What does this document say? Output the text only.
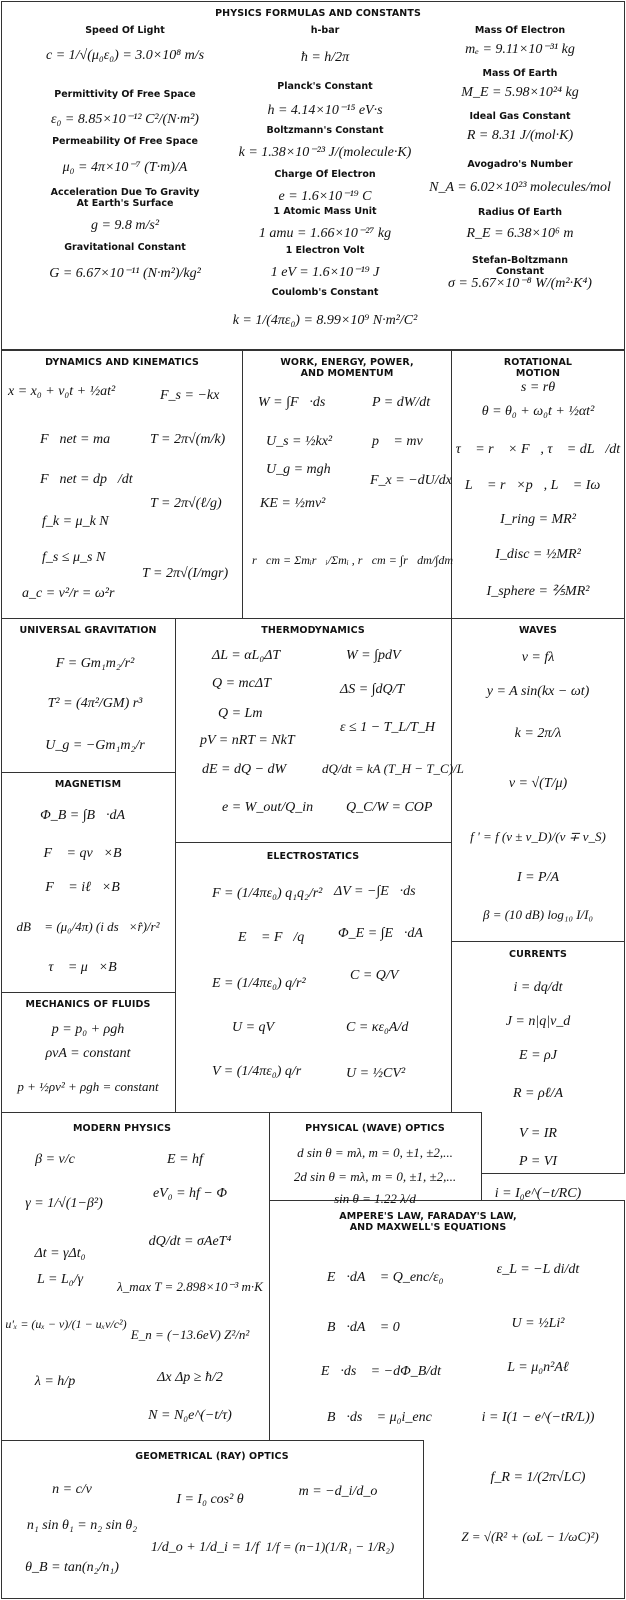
PHYSICS FORMULAS AND CONSTANTS
Speed Of Light
c = 1/√(μ₀ε₀) = 3.0×10⁸ m/s
Permittivity Of Free Space
ε₀ = 8.85×10⁻¹² C²/(N·m²)
Permeability Of Free Space
μ₀ = 4π×10⁻⁷ (T·m)/A
Acceleration Due To Gravity
At Earth's Surface
g = 9.8 m/s²
Gravitational Constant
G = 6.67×10⁻¹¹ (N·m²)/kg²
h-bar
ħ = h/2π
Planck's Constant
h = 4.14×10⁻¹⁵ eV·s
Boltzmann's Constant
k = 1.38×10⁻²³ J/(molecule·K)
Charge Of Electron
e = 1.6×10⁻¹⁹ C
1 Atomic Mass Unit
1 amu = 1.66×10⁻²⁷ kg
1 Electron Volt
1 eV = 1.6×10⁻¹⁹ J
Coulomb's Constant
k = 1/(4πε₀) = 8.99×10⁹ N·m²/C²
Mass Of Electron
mₑ = 9.11×10⁻³¹ kg
Mass Of Earth
M_E = 5.98×10²⁴ kg
Ideal Gas Constant
R = 8.31 J/(mol·K)
Avogadro's Number
N_A = 6.02×10²³ molecules/mol
Radius Of Earth
R_E = 6.38×10⁶ m
Stefan-Boltzmann Constant
σ = 5.67×10⁻⁸ W/(m²·K⁴)
DYNAMICS AND KINEMATICS
x = x₀ + v₀t + ½at²
F⃗net = ma⃗
F⃗net = dp⃗/dt
f_k = μ_k N
f_s ≤ μ_s N
a_c = v²/r = ω²r
F_s = −kx
T = 2π√(m/k)
T = 2π√(ℓ/g)
T = 2π√(I/mgr)
WORK, ENERGY, POWER,
AND MOMENTUM
W = ∫F⃗·ds⃗	P = dW/dt
U_s = ½kx²	p⃗ = mv⃗
U_g = mgh
F_x = −dU/dx
KE = ½mv²
r⃗cm = Σmᵢr⃗ᵢ/Σmᵢ , r⃗cm = ∫r⃗dm/∫dm
ROTATIONAL MOTION
s = rθ
θ = θ₀ + ω₀t + ½αt²
τ⃗ = r⃗ × F⃗, τ⃗ = dL⃗/dt
L⃗ = r⃗×p⃗, L⃗ = Iω⃗
I_ring = MR²
I_disc = ½MR²
I_sphere = ⅖MR²
UNIVERSAL GRAVITATION
F = Gm₁m₂/r²
T² = (4π²/GM) r³
U_g = −Gm₁m₂/r
THERMODYNAMICS
ΔL = αL₀ΔT
Q = mcΔT
Q = Lm
pV = nRT = NkT
dE = dQ − dW
e = W_out/Q_in
W = ∫pdV
ΔS = ∫dQ/T
ε ≤ 1 − T_L/T_H
dQ/dt = kA (T_H − T_C)/L
Q_C/W = COP
WAVES
v = fλ
y = A sin(kx − ωt)
k = 2π/λ
v = √(T/μ)
f ' = f (v ± v_D)/(v ∓ v_S)
I = P/A
β = (10 dB) log₁₀ I/I₀
MAGNETISM
Φ_B = ∫B⃗·dA⃗
F⃗ = qv⃗×B⃗
F⃗ = iℓ⃗×B⃗
dB⃗ = (μ₀/4π) (i ds⃗×r̂)/r²
τ⃗ = μ⃗×B⃗
ELECTROSTATICS
F = (1/4πε₀) q₁q₂/r²
E⃗ = F⃗/q
E = (1/4πε₀) q/r²
U = qV
V = (1/4πε₀) q/r
ΔV = −∫E⃗·ds⃗
Φ_E = ∫E⃗·dA⃗
C = Q/V
C = κε₀A/d
U = ½CV²
CURRENTS
i = dq/dt
J = n|q|v_d
E = ρJ
R = ρℓ/A
V = IR
P = VI
i = I₀e^(−t/RC)
MECHANICS OF FLUIDS
p = p₀ + ρgh
ρvA = constant
p + ½ρv² + ρgh = constant
MODERN PHYSICS
β = v/c
γ = 1/√(1−β²)
Δt = γΔt₀
L = L₀/γ
u'ₓ = (uₓ − v)/(1 − uₓv/c²)
λ = h/p
E = hf
eV₀ = hf − Φ
dQ/dt = σAeT⁴
λ_max T = 2.898×10⁻³ m·K
E_n = (−13.6eV) Z²/n²
Δx Δp ≥ ħ/2
N = N₀e^(−t/τ)
PHYSICAL (WAVE) OPTICS
d sin θ = mλ, m = 0, ±1, ±2,...
2d sin θ = mλ, m = 0, ±1, ±2,...
sin θ = 1.22 λ/d
AMPERE'S LAW, FARADAY'S LAW,
AND MAXWELL'S EQUATIONS
∮E⃗·dA⃗ = Q_enc/ε₀
∮B⃗·dA⃗ = 0
∮E⃗·ds⃗ = −dΦ_B/dt
∮B⃗·ds⃗ = μ₀i_enc
ε_L = −L di/dt
U = ½Li²
L = μ₀n²Aℓ
i = I(1 − e^(−tR/L))
f_R = 1/(2π√LC)
Z = √(R² + (ωL − 1/ωC)²)
GEOMETRICAL (RAY) OPTICS
n = c/v
n₁ sin θ₁ = n₂ sin θ₂
θ_B = tan(n₂/n₁)
I = I₀ cos² θ
1/d_o + 1/d_i = 1/f
m = −d_i/d_o
1/f = (n−1)(1/R₁ − 1/R₂)
